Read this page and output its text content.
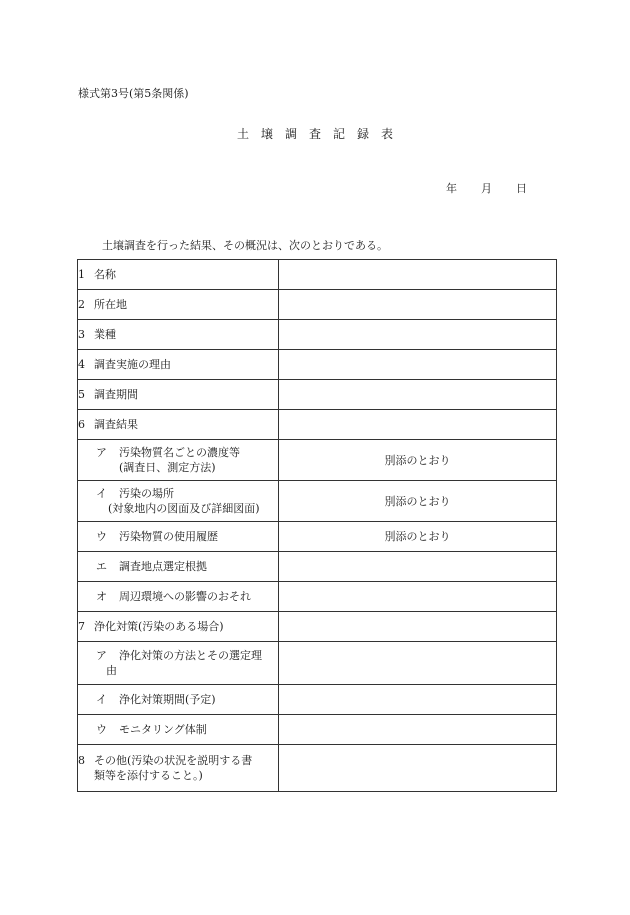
様式第3号(第5条関係)
土 壌 調 査 記 録 表
年 月 日
土壌調査を行った結果、その概況は、次のとおりである。
1 名称	
2 所在地	
3 業種	
4 調査実施の理由	
5 調査期間	
6 調査結果	

ア 汚染物質名ごとの濃度等
(調査日、測定方法)	別添のとおり

イ 汚染の場所
(対象地内の図面及び詳細図面)	別添のとおり
ウ 汚染物質の使用履歴	別添のとおり
エ 調査地点選定根拠	
オ 周辺環境への影響のおそれ	
7 浄化対策(汚染のある場合)	

ア 浄化対策の方法とその選定理
由	

イ 浄化対策期間(予定)	
ウ モニタリング体制	

8 その他(汚染の状況を説明する書
類等を添付すること。)	
